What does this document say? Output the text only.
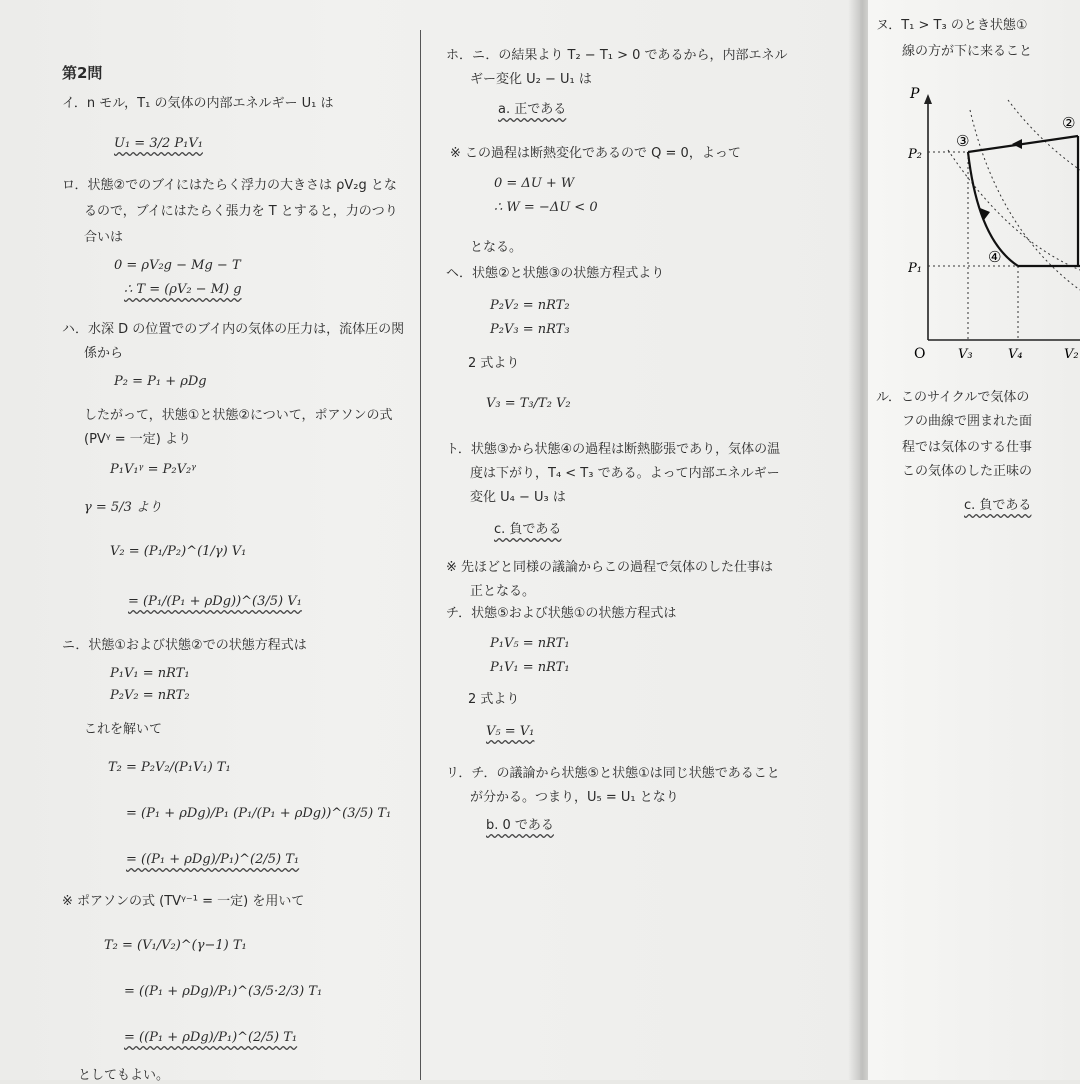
第2問
イ．n モル，T₁ の気体の内部エネルギー U₁ は
U₁ = 3/2 P₁V₁
ロ．状態②でのブイにはたらく浮力の大きさは ρV₂g とな
るので，ブイにはたらく張力を T とすると，力のつり
合いは
0 = ρV₂g − Mg − T
∴ T = (ρV₂ − M) g
ハ．水深 D の位置でのブイ内の気体の圧力は，流体圧の関
係から
P₂ = P₁ + ρDg
したがって，状態①と状態②について，ポアソンの式
(PVᵞ = 一定) より
P₁V₁ᵞ = P₂V₂ᵞ
γ = 5/3 より
V₂ = (P₁/P₂)^(1/γ) V₁
= (P₁/(P₁ + ρDg))^(3/5) V₁
ニ．状態①および状態②での状態方程式は
P₁V₁ = nRT₁
P₂V₂ = nRT₂
これを解いて
T₂ = P₂V₂/(P₁V₁) T₁
= (P₁ + ρDg)/P₁ (P₁/(P₁ + ρDg))^(3/5) T₁
= ((P₁ + ρDg)/P₁)^(2/5) T₁
※ ポアソンの式 (TVᵞ⁻¹ = 一定) を用いて
T₂ = (V₁/V₂)^(γ−1) T₁
= ((P₁ + ρDg)/P₁)^(3/5·2/3) T₁
= ((P₁ + ρDg)/P₁)^(2/5) T₁
としてもよい。
ホ．ニ．の結果より T₂ − T₁ > 0 であるから，内部エネル
ギー変化 U₂ − U₁ は
a. 正である
※ この過程は断熱変化であるので Q = 0，よって
0 = ΔU + W
∴ W = −ΔU < 0
となる。
ヘ．状態②と状態③の状態方程式より
P₂V₂ = nRT₂
P₂V₃ = nRT₃
2 式より
V₃ = T₃/T₂ V₂
ト．状態③から状態④の過程は断熱膨張であり，気体の温
度は下がり，T₄ < T₃ である。よって内部エネルギー
変化 U₄ − U₃ は
c. 負である
※ 先ほどと同様の議論からこの過程で気体のした仕事は
正となる。
チ．状態⑤および状態①の状態方程式は
P₁V₅ = nRT₁
P₁V₁ = nRT₁
2 式より
V₅ = V₁
リ．チ．の議論から状態⑤と状態①は同じ状態であること
が分かる。つまり，U₅ = U₁ となり
b. 0 である
ヌ．T₁ > T₃ のとき状態①
線の方が下に来ること
ル．このサイクルで気体の
フの曲線で囲まれた面
程では気体のする仕事
この気体のした正味の
c. 負である
P
O
P₂
P₁
V₃	V₄	V₂
③
④
②
